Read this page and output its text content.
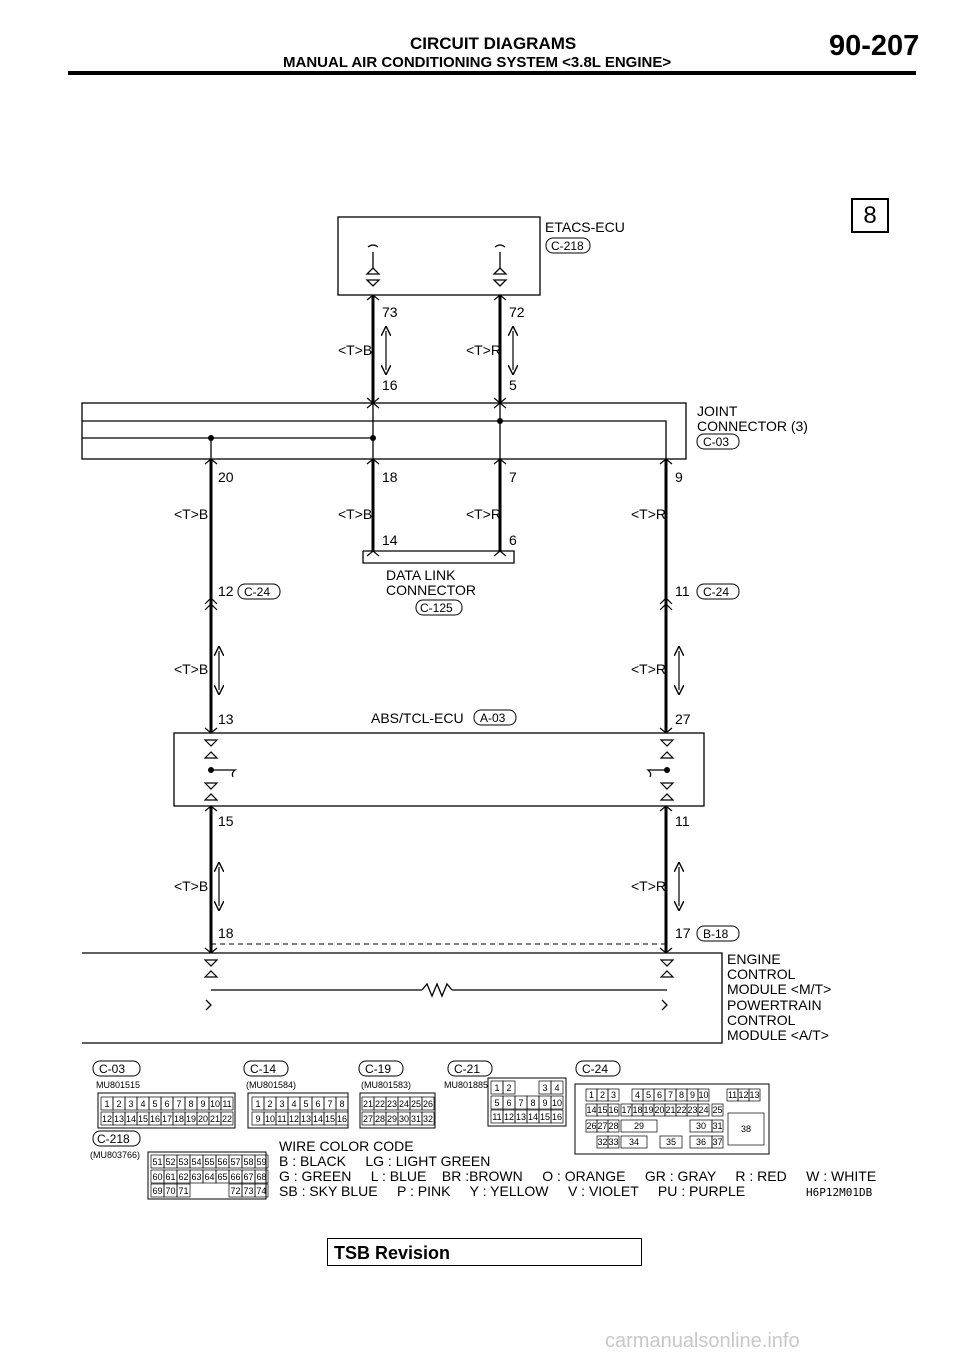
CIRCUIT DIAGRAMS
MANUAL AIR CONDITIONING SYSTEM <3.8L ENGINE>
90-207
8
ETACS-ECU
JOINT
CONNECTOR (3)
DATA LINK
CONNECTOR
ABS/TCL-ECU
ENGINE
CONTROL
MODULE <M/T>
POWERTRAIN
CONTROL
MODULE <A/T>
C-218
C-03
C-125
C-24	C-24
A-03
B-18
73	72
16	5
20	18	7	9
14	6
12	11
13	27
15	11
18	17
<T>B	<T>R
<T>B	<T>B	<T>R	<T>R
<T>B	<T>R
<T>B	<T>R
C-03	C-14	C-19	C-21	C-24
C-218
MU801515	(MU801584)	(MU801583)	MU801885
(MU803766)
1 2 3 4 5 6 7 8 9 10 11
12 13 14 15 16 17 18 19 20 21 22
1 2 3 4 5 6 7 8
9 10 11 12 13 14 15 16
21 22 23 24 25 26
27 28 29 30 31 32
1 2	3 4
5 6 7 8 9 10
11 12 13 14 15 16
51 52 53 54 55 56 57 58 59
60 61 62 63 64 65 66 67 68
69 70 71	72 73 74
1 2 3 4 5 6 7 8 9 10 11 12 13
14 15 16 17 18 19 20 21 22 23 24 25
26 27 28 29	30 31
32 33 34	35 36 37
38
WIRE COLOR CODE
B : BLACK     LG : LIGHT GREEN
G : GREEN     L : BLUE    BR :BROWN     O : ORANGE     GR : GRAY     R : RED     W : WHITE
SB : SKY BLUE     P : PINK     Y : YELLOW     V : VIOLET     PU : PURPLE	H6P12M01DB
TSB Revision
carmanualsonline.info
